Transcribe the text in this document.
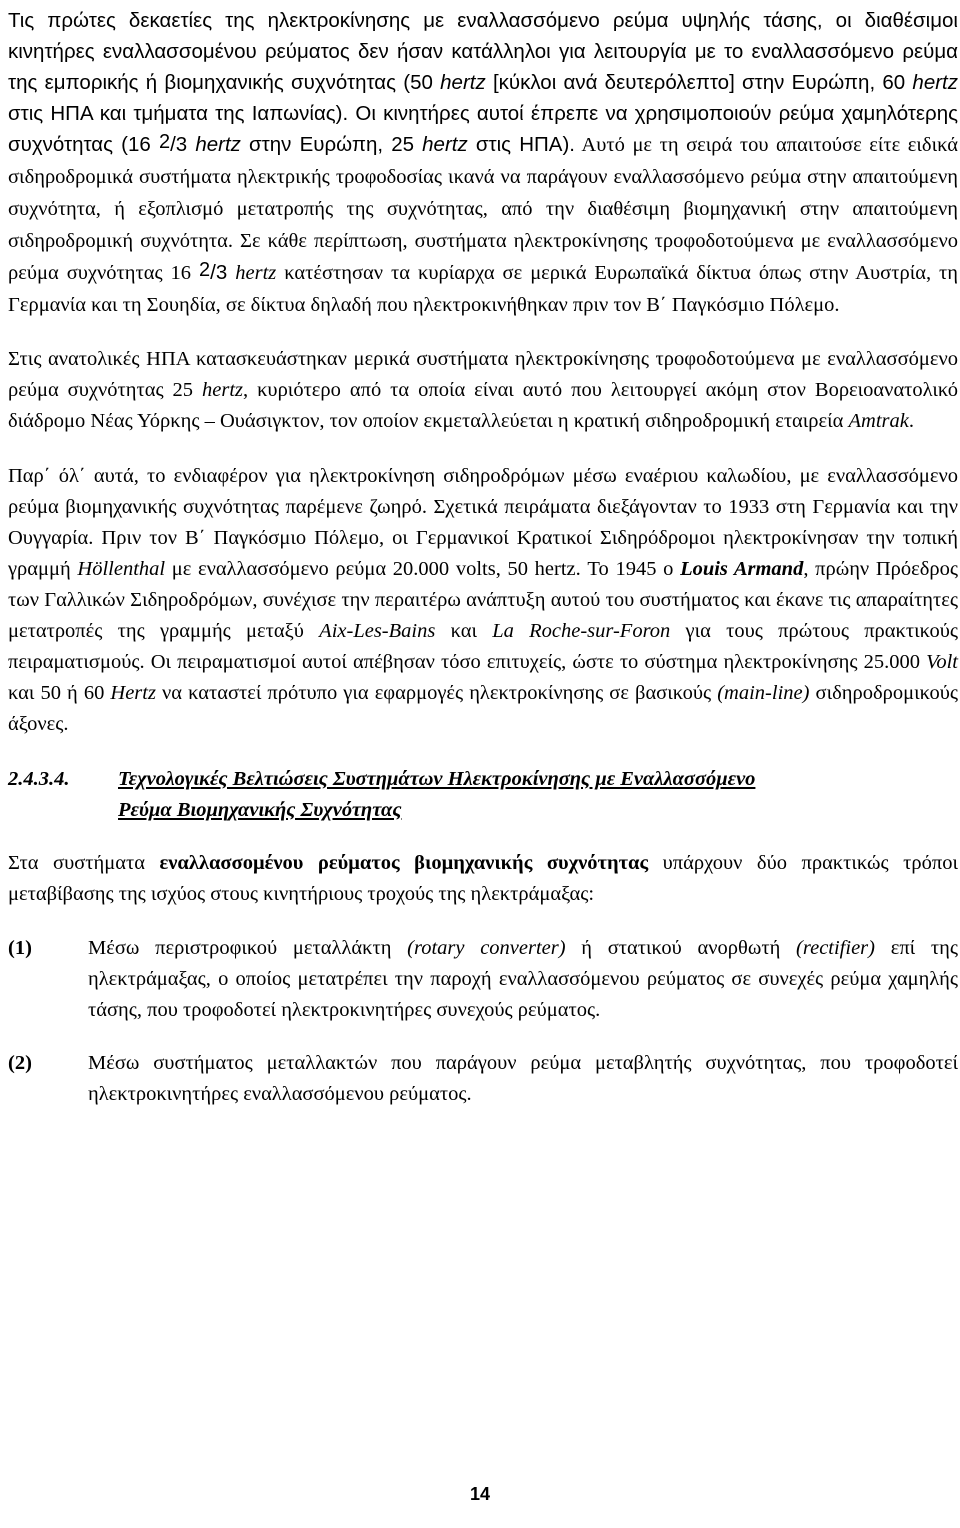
Τις πρώτες δεκαετίες της ηλεκτροκίνησης με εναλλασσόμενο ρεύμα υψηλής τάσης, οι διαθέσιμοι κινητήρες εναλλασσομένου ρεύματος δεν ήσαν κατάλληλοι για λειτουργία με το εναλλασσόμενο ρεύμα της εμπορικής ή βιομηχανικής συχνότητας (50 hertz [κύκλοι ανά δευτερόλεπτο] στην Ευρώπη, 60 hertz στις ΗΠΑ και τμήματα της Ιαπωνίας). Οι κινητήρες αυτοί έπρεπε να χρησιμοποιούν ρεύμα χαμηλότερης συχνότητας (16 $^2$/3 hertz στην Ευρώπη, 25 hertz στις ΗΠΑ). Αυτό με τη σειρά του απαιτούσε είτε ειδικά σιδηροδρομικά συστήματα ηλεκτρικής τροφοδοσίας ικανά να παράγουν εναλλασσόμενο ρεύμα στην απαιτούμενη συχνότητα, ή εξοπλισμό μετατροπής της συχνότητας, από την διαθέσιμη βιομηχανική στην απαιτούμενη σιδηροδρομική συχνότητα. Σε κάθε περίπτωση, συστήματα ηλεκτροκίνησης τροφοδοτούμενα με εναλλασσόμενο ρεύμα συχνότητας 16 $^2$/3 hertz κατέστησαν τα κυρίαρχα σε μερικά Ευρωπαϊκά δίκτυα όπως στην Αυστρία, τη Γερμανία και τη Σουηδία, σε δίκτυα δηλαδή που ηλεκτροκινήθηκαν πριν τον Β΄ Παγκόσμιο Πόλεμο.

Στις ανατολικές ΗΠΑ κατασκευάστηκαν μερικά συστήματα ηλεκτροκίνησης τροφοδοτούμενα με εναλλασσόμενο ρεύμα συχνότητας 25 hertz, κυριότερο από τα οποία είναι αυτό που λειτουργεί ακόμη στον Βορειοανατολικό διάδρομο Νέας Υόρκης – Ουάσιγκτον, τον οποίον εκμεταλλεύεται η κρατική σιδηροδρομική εταιρεία Amtrak.

Παρ΄ όλ΄ αυτά, το ενδιαφέρον για ηλεκτροκίνηση σιδηροδρόμων μέσω εναέριου καλωδίου, με εναλλασσόμενο ρεύμα βιομηχανικής συχνότητας παρέμενε ζωηρό. Σχετικά πειράματα διεξάγονταν το 1933 στη Γερμανία και την Ουγγαρία. Πριν τον Β΄ Παγκόσμιο Πόλεμο, οι Γερμανικοί Κρατικοί Σιδηρόδρομοι ηλεκτροκίνησαν την τοπική γραμμή Höllenthal με εναλλασσόμενο ρεύμα 20.000 volts, 50 hertz. Το 1945 ο Louis Armand, πρώην Πρόεδρος των Γαλλικών Σιδηροδρόμων, συνέχισε την περαιτέρω ανάπτυξη αυτού του συστήματος και έκανε τις απαραίτητες μετατροπές της γραμμής μεταξύ Aix-Les-Bains και La Roche-sur-Foron για τους πρώτους πρακτικούς πειραματισμούς. Οι πειραματισμοί αυτοί απέβησαν τόσο επιτυχείς, ώστε το σύστημα ηλεκτροκίνησης 25.000 Volt και 50 ή 60 Hertz να καταστεί πρότυπο για εφαρμογές ηλεκτροκίνησης σε βασικούς (main-line) σιδηροδρομικούς άξονες.

2.4.3.4. Τεχνολογικές Βελτιώσεις Συστημάτων Ηλεκτροκίνησης με Εναλλασσόμενο
Ρεύμα Βιομηχανικής Συχνότητας

Στα συστήματα εναλλασσομένου ρεύματος βιομηχανικής συχνότητας υπάρχουν δύο πρακτικώς τρόποι μεταβίβασης της ισχύος στους κινητήριους τροχούς της ηλεκτράμαξας:

(1)	Μέσω περιστροφικού μεταλλάκτη (rotary converter) ή στατικού ανορθωτή (rectifier) επί της ηλεκτράμαξας, ο οποίος μετατρέπει την παροχή εναλλασσόμενου ρεύματος σε συνεχές ρεύμα χαμηλής τάσης, που τροφοδοτεί ηλεκτροκινητήρες συνεχούς ρεύματος.
(2)	Μέσω συστήματος μεταλλακτών που παράγουν ρεύμα μεταβλητής συχνότητας, που τροφοδοτεί ηλεκτροκινητήρες εναλλασσόμενου ρεύματος.
14
